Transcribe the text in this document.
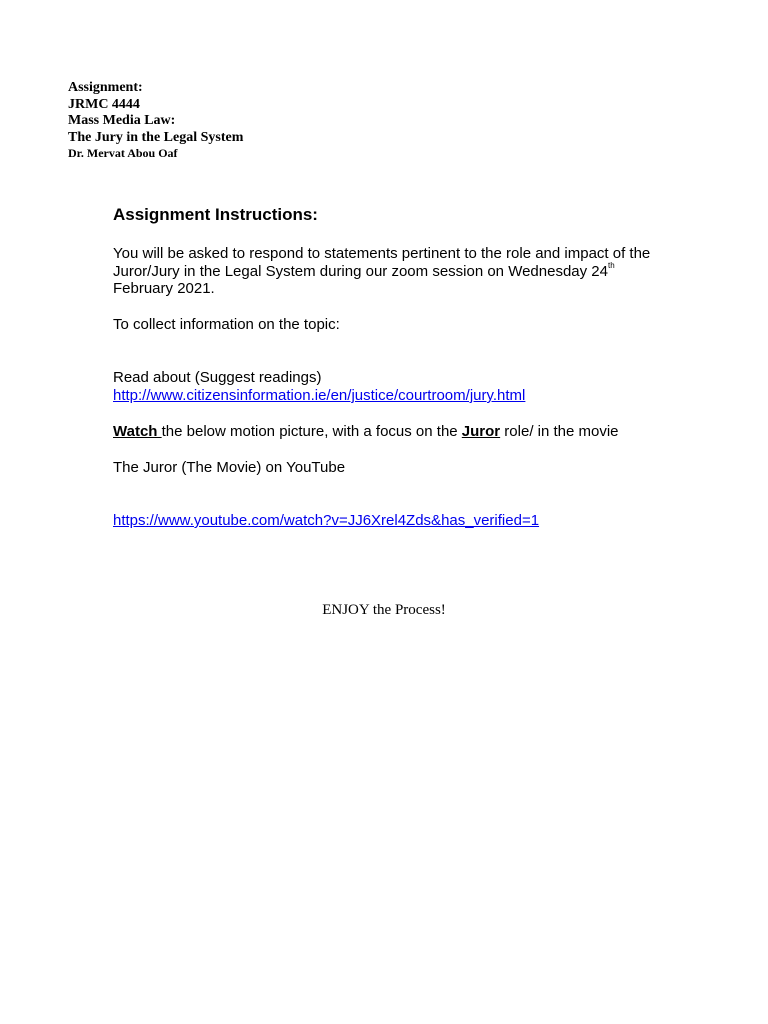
Assignment:
JRMC 4444
Mass Media Law:
The Jury in the Legal System
Dr. Mervat Abou Oaf
Assignment Instructions:
You will be asked to respond to statements pertinent to the role and impact of the Juror/Jury in the Legal System during our zoom session on Wednesday 24th
February 2021.
To collect information on the topic:
Read about (Suggest readings)
http://www.citizensinformation.ie/en/justice/courtroom/jury.html
Watch the below motion picture, with a focus on the Juror role/ in the movie
The Juror (The Movie) on YouTube
https://www.youtube.com/watch?v=JJ6Xrel4Zds&has_verified=1
ENJOY the Process!
